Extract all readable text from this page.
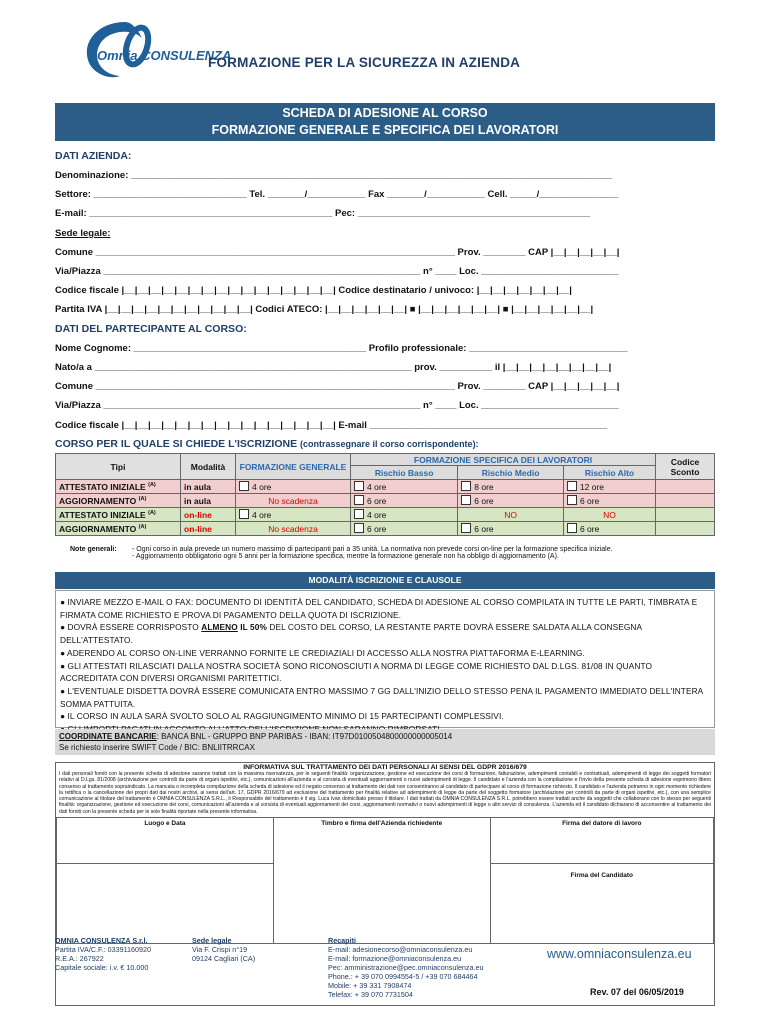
Omnia CONSULENZA
FORMAZIONE PER LA SICUREZZA IN AZIENDA
SCHEDA DI ADESIONE AL CORSO
FORMAZIONE GENERALE E SPECIFICA DEI LAVORATORI
DATI AZIENDA:
Denominazione: ___________________________________________________________________________________________
Settore: _____________________________ Tel. _______/___________ Fax _______/___________ Cell. _____/_______________
E-mail: ______________________________________________ Pec: ____________________________________________
Sede legale:
Comune ____________________________________________________________________ Prov. ________ CAP |__|__|__|__|__|
Via/Piazza ____________________________________________________________ n° ____ Loc. __________________________
Codice fiscale |__|__|__|__|__|__|__|__|__|__|__|__|__|__|__|__| Codice destinatario / univoco: |__|__|__|__|__|__|__|
Partita IVA |__|__|__|__|__|__|__|__|__|__|__| Codici ATECO: |__|__|__|__|__|__| ■ |__|__|__|__|__|__| ■ |__|__|__|__|__|__|
DATI DEL PARTECIPANTE AL CORSO:
Nome Cognome: ____________________________________________ Profilo professionale: ______________________________
Nato/a a ____________________________________________________________ prov. __________ il |__|__|__|__|__|__|__|__|
Comune ____________________________________________________________________ Prov. ________ CAP |__|__|__|__|__|
Via/Piazza ____________________________________________________________ n° ____ Loc. __________________________
Codice fiscale |__|__|__|__|__|__|__|__|__|__|__|__|__|__|__|__| E-mail _____________________________________________
CORSO PER IL QUALE SI CHIEDE L'ISCRIZIONE (contrassegnare il corso corrispondente):
Tipi	Modalità	FORMAZIONE GENERALE	FORMAZIONE SPECIFICA DEI LAVORATORI			Codice Sconto
			Rischio Basso	Rischio Medio	Rischio Alto	
ATTESTATO INIZIALE $^{(A)}$	in aula	4 ore	4 ore	8 ore	12 ore	
AGGIORNAMENTO $^{(A)}$	in aula	No scadenza	6 ore	6 ore	6 ore	
ATTESTATO INIZIALE $^{(A)}$	on-line	4 ore	4 ore	NO	NO	
AGGIORNAMENTO $^{(A)}$	on-line	No scadenza	6 ore	6 ore	6 ore	
Note generali: - Ogni corso in aula prevede un numero massimo di partecipanti pari a 35 unità. La normativa non prevede corsi on-line per la formazione specifica iniziale.
- Aggiornamento obbligatorio ogni 5 anni per la formazione specifica, mentre la formazione generale non ha obbligo di aggiornamento (A).
MODALITÀ ISCRIZIONE E CLAUSOLE
● INVIARE MEZZO E-MAIL O FAX: DOCUMENTO DI IDENTITÀ DEL CANDIDATO, SCHEDA DI ADESIONE AL CORSO COMPILATA IN TUTTE LE PARTI, TIMBRATA E FIRMATA COME RICHIESTO E PROVA DI PAGAMENTO DELLA QUOTA DI ISCRIZIONE.
● DOVRÀ ESSERE CORRISPOSTO ALMENO IL 50% DEL COSTO DEL CORSO, LA RESTANTE PARTE DOVRÀ ESSERE SALDATA ALLA CONSEGNA DELL'ATTESTATO.
● ADERENDO AL CORSO ON-LINE VERRANNO FORNITE LE CREDIAZIALI DI ACCESSO ALLA NOSTRA PIATTAFORMA E-LEARNING.
● GLI ATTESTATI RILASCIATI DALLA NOSTRA SOCIETÀ SONO RICONOSCIUTI A NORMA DI LEGGE COME RICHIESTO DAL D.LGS. 81/08 IN QUANTO ACCREDITATA CON DIVERSI ORGANISMI PARITETTICI.
● L'EVENTUALE DISDETTA DOVRÀ ESSERE COMUNICATA ENTRO MASSIMO 7 GG DALL'INIZIO DELLO STESSO PENA IL PAGAMENTO IMMEDIATO DELL'INTERA SOMMA PATTUITA.
● IL CORSO IN AULA SARÀ SVOLTO SOLO AL RAGGIUNGIMENTO MINIMO DI 15 PARTECIPANTI COMPLESSIVI.
COORDINATE BANCARIE: BANCA BNL - GRUPPO BNP PARIBAS - IBAN: IT97D0100504800000000005014
Se richiesto inserire SWIFT Code / BIC: BNLIITRRCAX
INFORMATIVA SUL TRATTAMENTO DEI DATI PERSONALI AI SENSI DEL GDPR 2016/679
I dati personali forniti con la presente scheda di adesione saranno trattati con la massima riservatezza, per le seguenti finalità: organizzazione, gestione ed esecuzione dei corsi di formazione, fatturazione, adempimenti contabili e contrattuali, adempimenti di legge dei soggetti formatori relativi al D.Lgs. 81/2008 (archiviazione per controlli da parte di organi ispettivi, etc.), comunicazioni all'azienda e al corsista di eventuali aggiornamenti o nuovi adempimenti di legge. Il candidato e l'azienda con la compilazione e l'invio della presente scheda di adesione esprimono libero consenso al trattamento sopraindicato. La mancata o incompleta compilazione della scheda di adesione ed il negato consenso al trattamento dei dati non consentiranno al candidato di partecipare al corso di formazione richiesto. Il candidato e l'azienda potranno in ogni momento richiedere la rettifica o la cancellazione dei propri dati dai nostri archivi, ai sensi dell'art. 17, GDPR 2016/679 ad esclusione del trattamento per finalità relative ad adempimenti di legge da parte del soggetto formatore (archiviazione per controlli da parte di organi ispettivi, etc.), con una semplice comunicazione al titolare del trattamento è OMNIA CONSULENZA S.R.L., il Responsabile del trattamento è il sig. Luca Ivan domiciliato presso il titolare. I dati trattati da OMNIA CONSULENZA S.R.L. potrebbero essere trattati anche da soggetti che collaborano con lo stesso per seguenti finalità: organizzazione, gestione ed esecuzione dei corsi, comunicazioni all'azienda e al corsista di eventuali aggiornamenti dei corsi, aggiornamenti normativi o nuovi adempimenti di legge o altri servizi di consulenza. L'azienda ed il candidato dichiarano di acconsentire al trattamento dei dati forniti con la presente scheda per le sole finalità riportate nella presente informativa.
Luogo e Data	Timbro e firma dell'Azienda richiedente	Firma del datore di lavoro
		Firma del Candidato
OMNIA CONSULENZA S.r.l.
Partita IVA/C.F.: 03391160920
R.E.A.: 267922
Capitale sociale: i.v. € 10.000
Sede legale
Via F. Crispi n°19
09124 Cagliari (CA)
Recapiti
E-mail: adesionecorso@omniaconsulenza.eu
E-mail: formazione@omniaconsulenza.eu
Pec: amministrazione@pec.omniaconsulenza.eu
Phone.: + 39 070 0994554-5 / +39 070 684464
Mobile: + 39 331 7908474
Telefax: + 39 070 7731504
www.omniaconsulenza.eu
Rev. 07 del 06/05/2019
